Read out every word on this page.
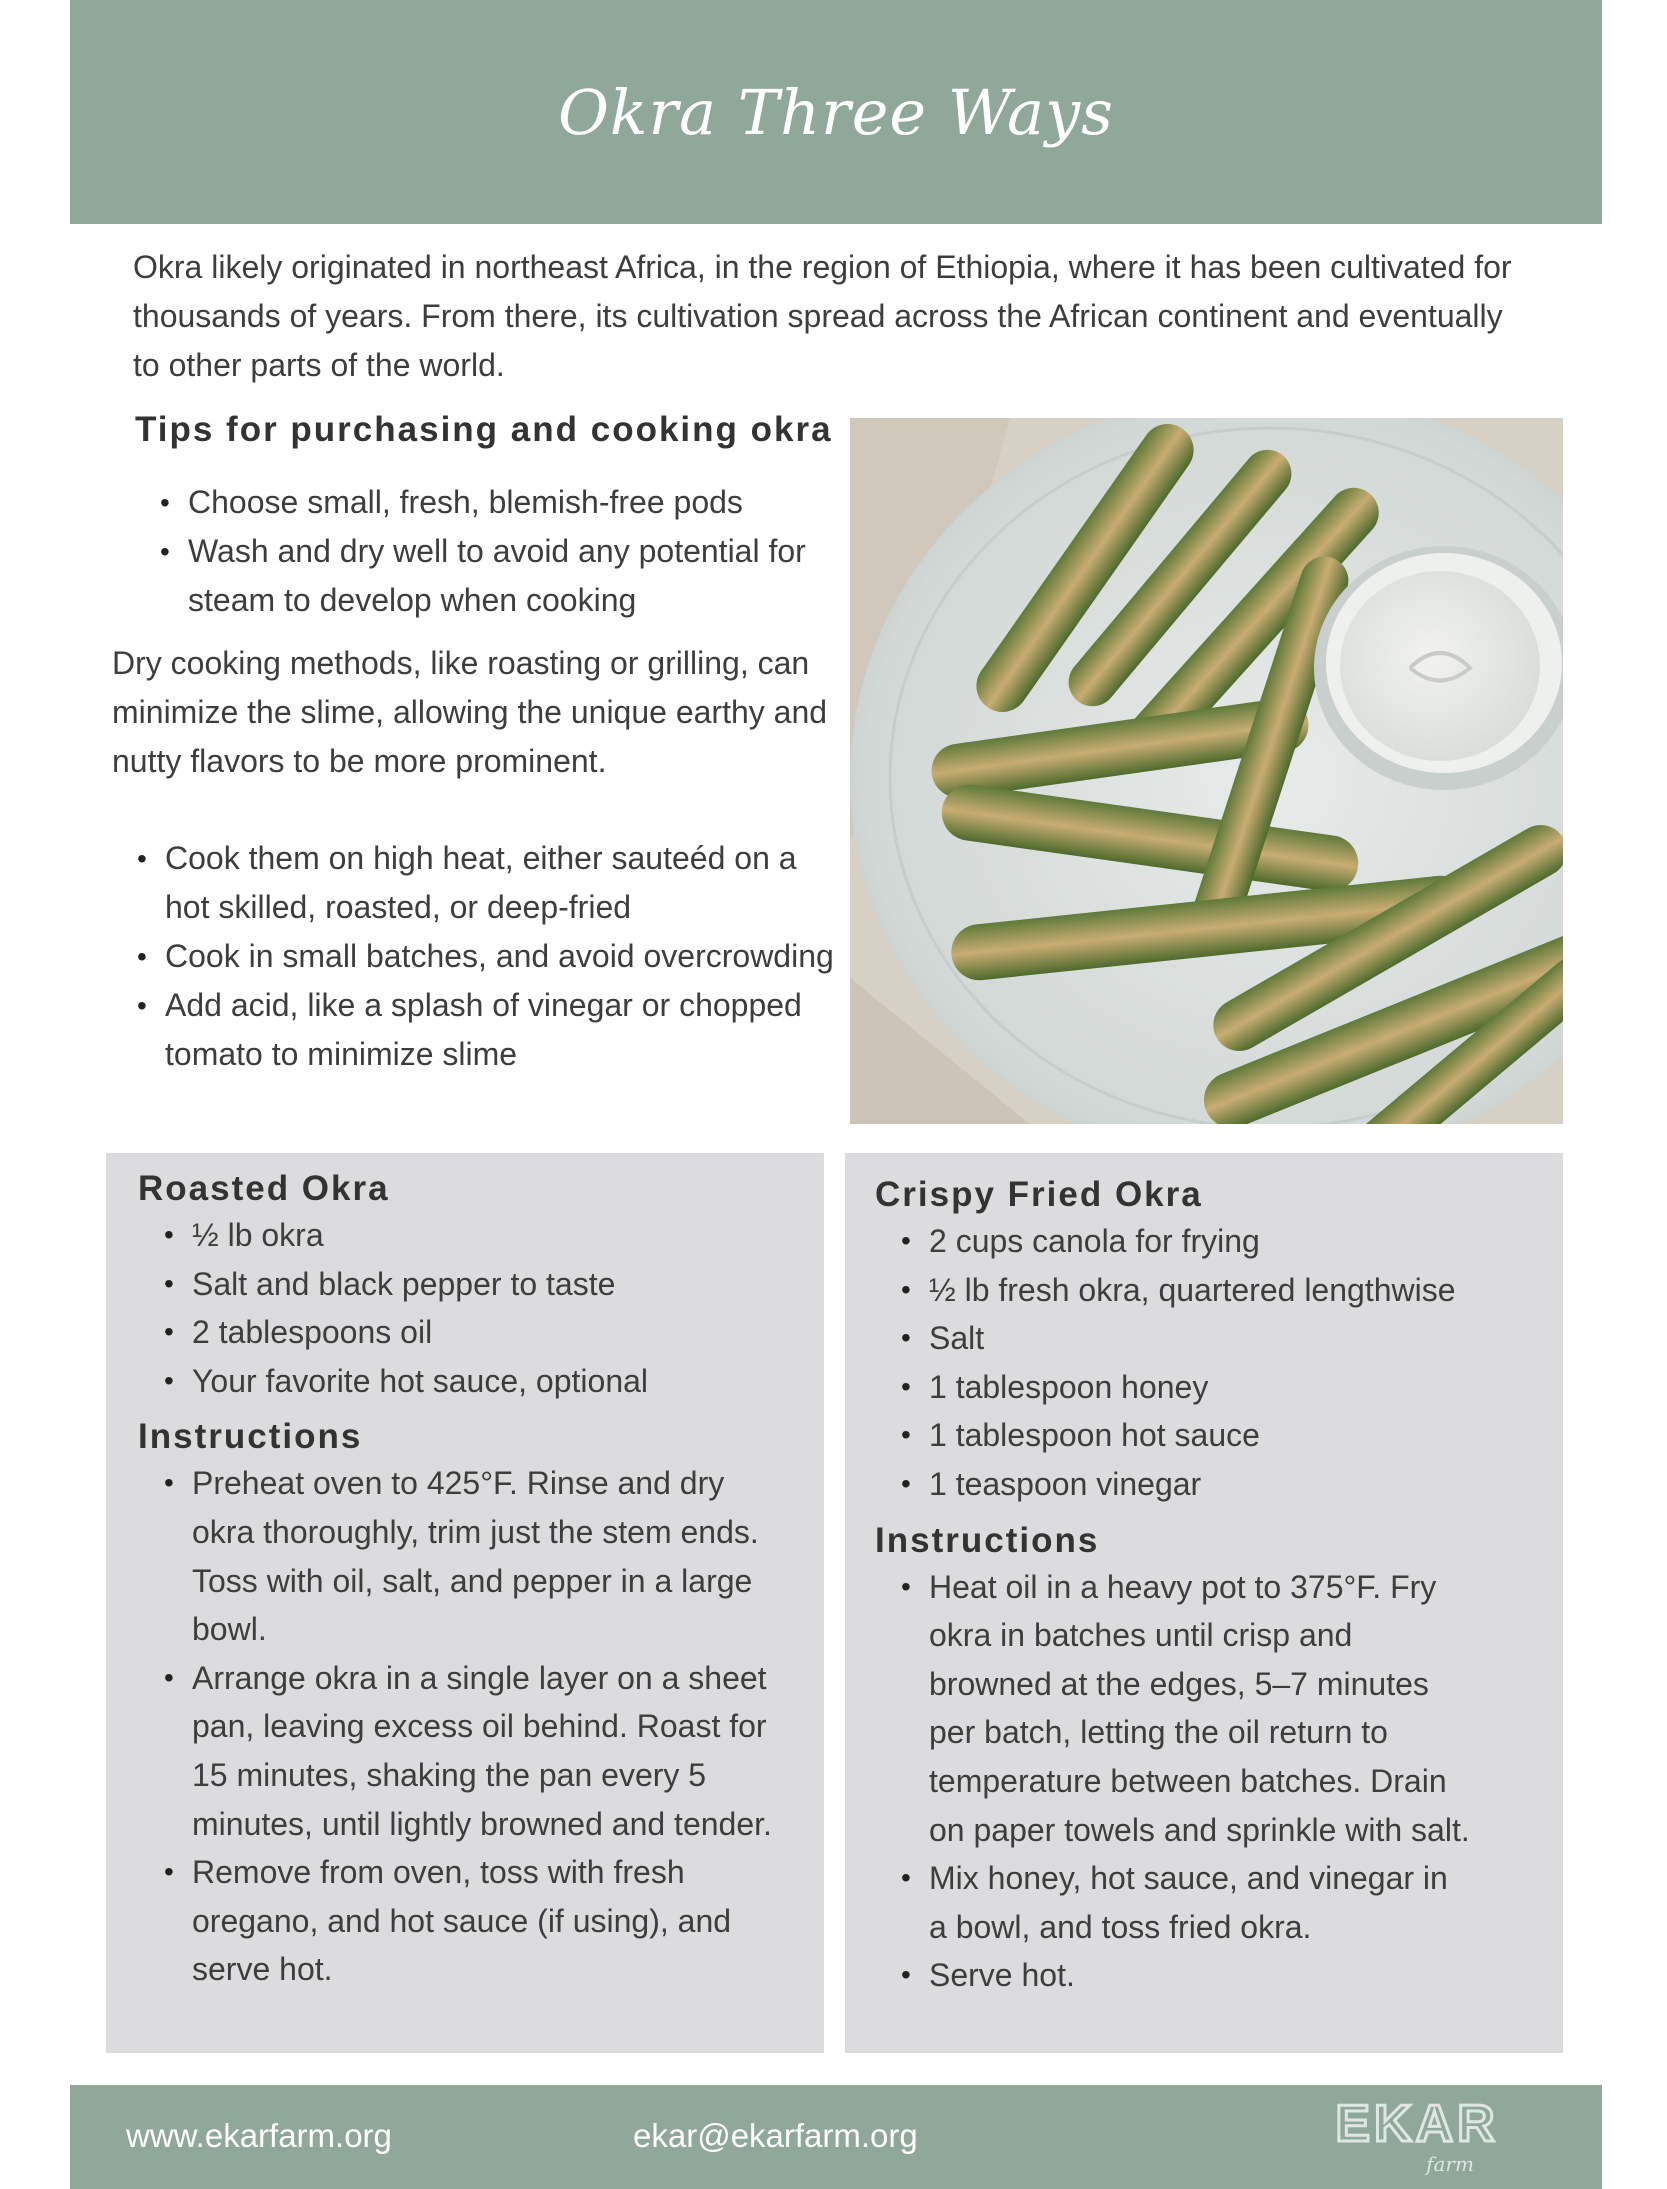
Okra Three Ways

Okra likely originated in northeast Africa, in the region of Ethiopia, where it has been cultivated for thousands of years. From there, its cultivation spread across the African continent and eventually to other parts of the world.

Tips for purchasing and cooking okra
• Choose small, fresh, blemish-free pods
• Wash and dry well to avoid any potential for steam to develop when cooking

Dry cooking methods, like roasting or grilling, can minimize the slime, allowing the unique earthy and nutty flavors to be more prominent.

• Cook them on high heat, either sauteéd on a hot skilled, roasted, or deep-fried
• Cook in small batches, and avoid overcrowding
• Add acid, like a splash of vinegar or chopped tomato to minimize slime
Roasted Okra
• ½ lb okra
• Salt and black pepper to taste
• 2 tablespoons oil
• Your favorite hot sauce, optional
Instructions
• Preheat oven to 425°F. Rinse and dry okra thoroughly, trim just the stem ends. Toss with oil, salt, and pepper in a large bowl.
• Arrange okra in a single layer on a sheet pan, leaving excess oil behind. Roast for 15 minutes, shaking the pan every 5 minutes, until lightly browned and tender.
• Remove from oven, toss with fresh oregano, and hot sauce (if using), and serve hot.
Crispy Fried Okra
• 2 cups canola for frying
• ½ lb fresh okra, quartered lengthwise
• Salt
• 1 tablespoon honey
• 1 tablespoon hot sauce
• 1 teaspoon vinegar
Instructions
• Heat oil in a heavy pot to 375°F. Fry okra in batches until crisp and browned at the edges, 5–7 minutes per batch, letting the oil return to temperature between batches. Drain on paper towels and sprinkle with salt.
• Mix honey, hot sauce, and vinegar in a bowl, and toss fried okra.
• Serve hot.
www.ekarfarm.org	ekar@ekarfarm.org	EKAR
farm
